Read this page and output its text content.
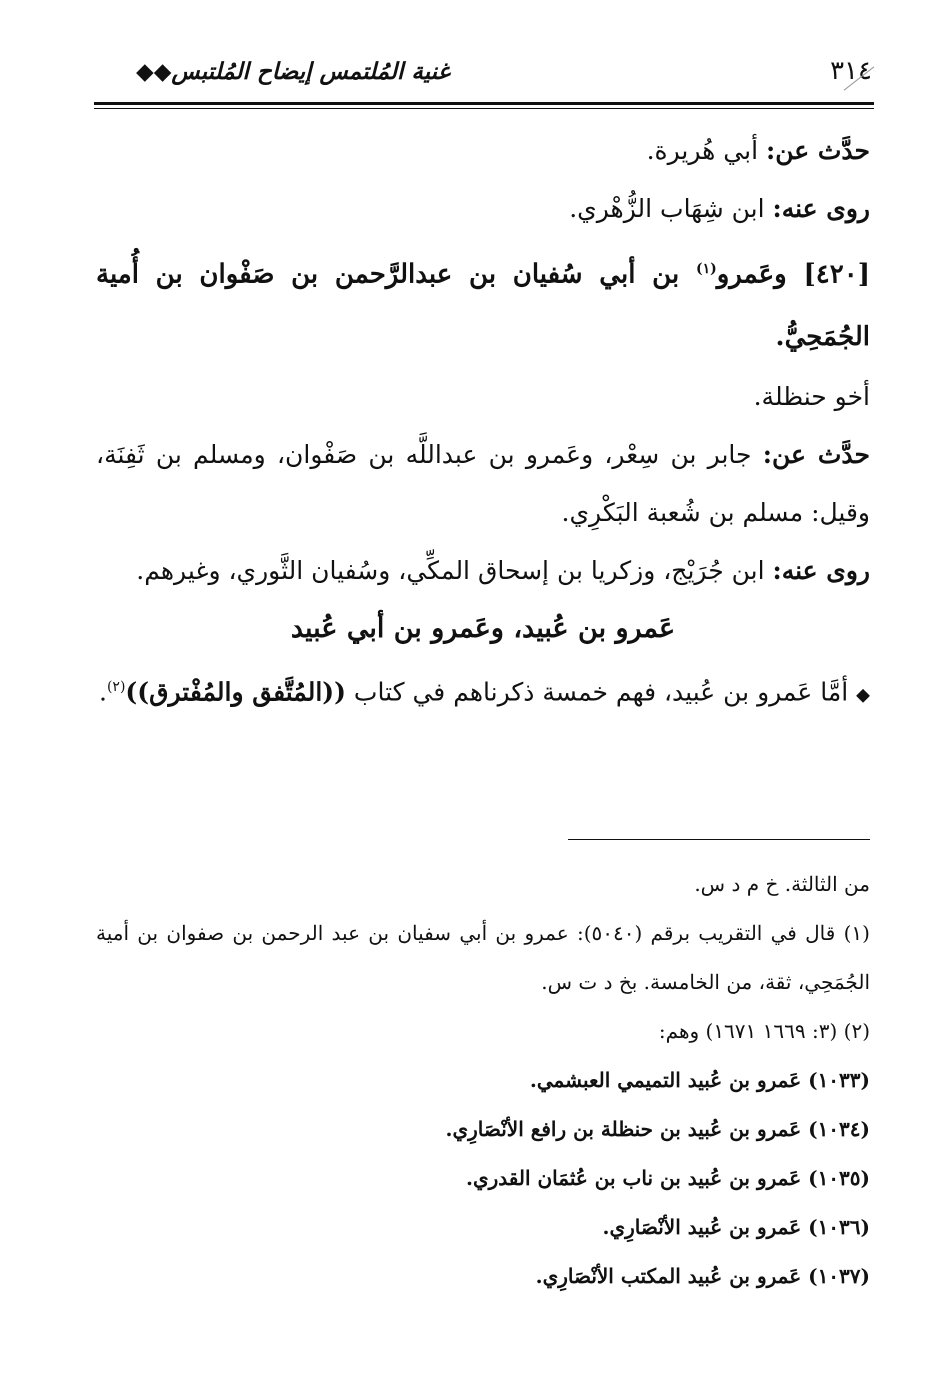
٣١٤
غنية المُلتمس إيضاح المُلتبس◆◆

حدَّث عن: أبي هُريرة.

روى عنه: ابن شِهَاب الزُّهْري.

[٤٢٠] وعَمرو$^{(١)}$ بن أبي سُفيان بن عبدالرَّحمن بن صَفْوان بن أُمية الجُمَحِيُّ.

أخو حنظلة.

حدَّث عن: جابر بن سِعْر، وعَمرو بن عبداللَّه بن صَفْوان، ومسلم بن ثَفِنَة، وقيل: مسلم بن شُعبة البَكْرِي.

روى عنه: ابن جُرَيْج، وزكريا بن إسحاق المكِّي، وسُفيان الثَّوري، وغيرهم.

عَمرو بن عُبيد، وعَمرو بن أبي عُبيد

◆ أمَّا عَمرو بن عُبيد، فهم خمسة ذكرناهم في كتاب ((المُتَّفق والمُفْترق))$^{(٢)}$.

من الثالثة. خ م د س.

(١) قال في التقريب برقم (٥٠٤٠): عمرو بن أبي سفيان بن عبد الرحمن بن صفوان بن أمية الجُمَحِي، ثقة، من الخامسة. بخ د ت س.

(٢) (٣: ١٦٦٩ ١٦٧١) وهم:

(١٠٣٣) عَمرو بن عُبيد التميمي العبشمي.

(١٠٣٤) عَمرو بن عُبيد بن حنظلة بن رافع الأنْصَارِي.

(١٠٣٥) عَمرو بن عُبيد بن ناب بن عُثمَان القدري.

(١٠٣٦) عَمرو بن عُبيد الأنْصَارِي.

(١٠٣٧) عَمرو بن عُبيد المكتب الأنْصَارِي.
